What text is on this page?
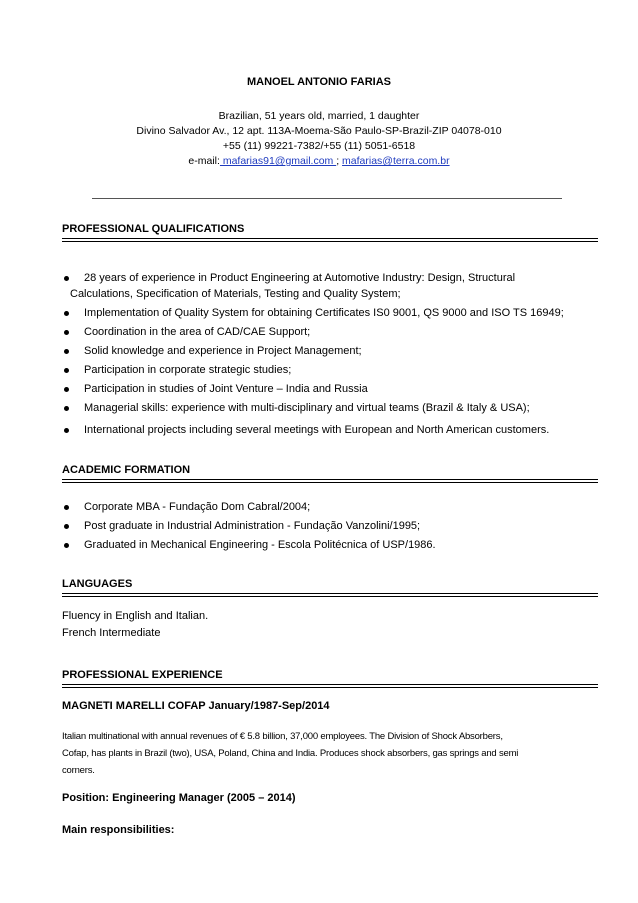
MANOEL ANTONIO FARIAS
Brazilian, 51 years old, married, 1 daughter
Divino Salvador Av., 12 apt. 113A-Moema-São Paulo-SP-Brazil-ZIP 04078-010
+55 (11) 99221-7382/+55 (11) 5051-6518
e-mail: mafarias91@gmail.com ; mafarias@terra.com.br
PROFESSIONAL QUALIFICATIONS
28 years of experience in Product Engineering at Automotive Industry: Design, Structural
Calculations, Specification of Materials, Testing and Quality System;
Implementation of Quality System for obtaining Certificates IS0 9001, QS 9000 and ISO TS 16949;
Coordination in the area of CAD/CAE Support;
Solid knowledge and experience in Project Management;
Participation in corporate strategic studies;
Participation in studies of Joint Venture – India and Russia
Managerial skills: experience with multi-disciplinary and virtual teams (Brazil & Italy & USA);
International projects including several meetings with European and North American customers.
ACADEMIC FORMATION
Corporate MBA - Fundação Dom Cabral/2004;
Post graduate in Industrial Administration - Fundação Vanzolini/1995;
Graduated in Mechanical Engineering - Escola Politécnica of USP/1986.
LANGUAGES
Fluency in English and Italian.
French Intermediate
PROFESSIONAL EXPERIENCE
MAGNETI MARELLI COFAP January/1987-Sep/2014
Italian multinational with annual revenues of € 5.8 billion, 37,000 employees. The Division of Shock Absorbers,
Cofap, has plants in Brazil (two), USA, Poland, China and India. Produces shock absorbers, gas springs and semi
corners.
Position: Engineering Manager (2005 – 2014)
Main responsibilities:
